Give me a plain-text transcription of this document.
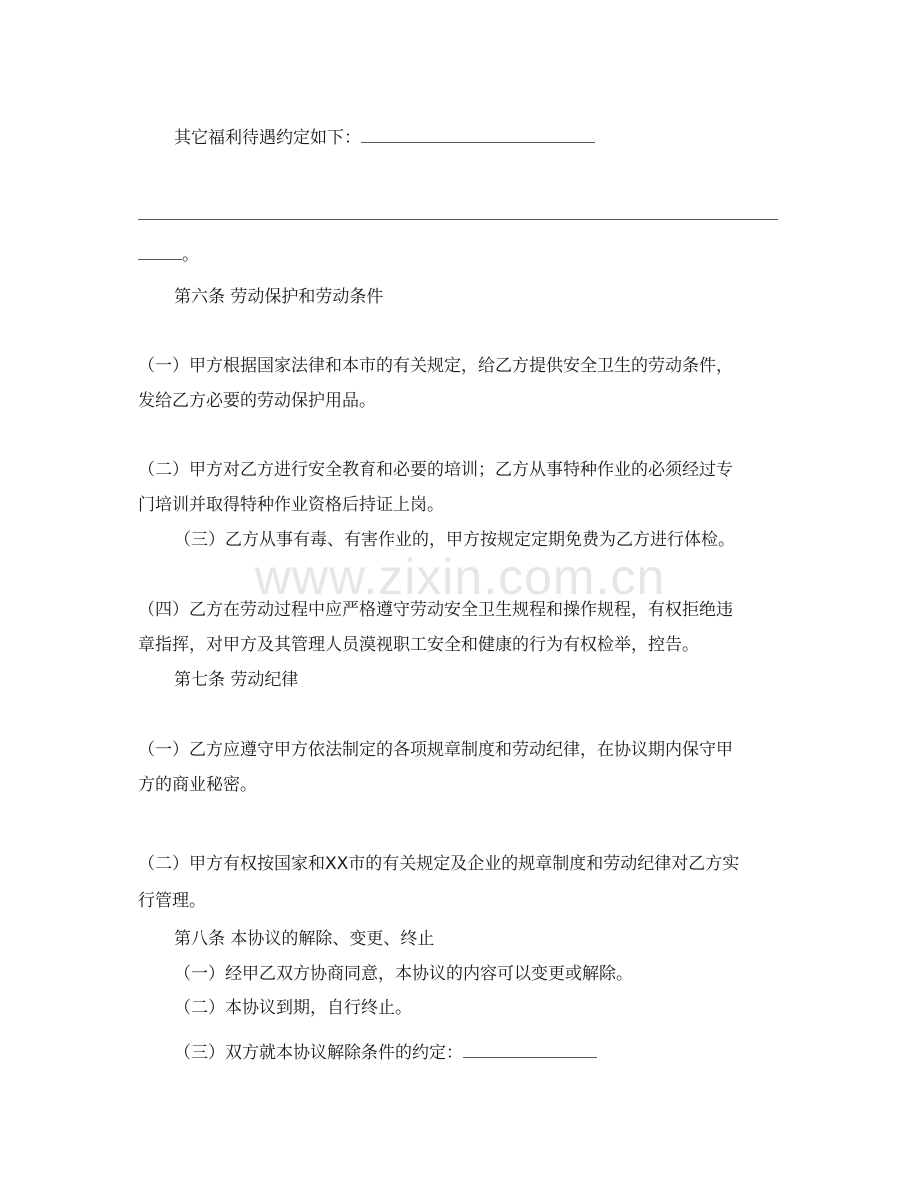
www.zixin.com.cn
其它福利待遇约定如下：
。
第六条 劳动保护和劳动条件
（一）甲方根据国家法律和本市的有关规定，给乙方提供安全卫生的劳动条件，
发给乙方必要的劳动保护用品。
（二）甲方对乙方进行安全教育和必要的培训；乙方从事特种作业的必须经过专
门培训并取得特种作业资格后持证上岗。
（三）乙方从事有毒、有害作业的，甲方按规定定期免费为乙方进行体检。
（四）乙方在劳动过程中应严格遵守劳动安全卫生规程和操作规程，有权拒绝违
章指挥，对甲方及其管理人员漠视职工安全和健康的行为有权检举，控告。
第七条 劳动纪律
（一）乙方应遵守甲方依法制定的各项规章制度和劳动纪律，在协议期内保守甲
方的商业秘密。
（二）甲方有权按国家和XX市的有关规定及企业的规章制度和劳动纪律对乙方实
行管理。
第八条 本协议的解除、变更、终止
（一）经甲乙双方协商同意，本协议的内容可以变更或解除。
（二）本协议到期，自行终止。
（三）双方就本协议解除条件的约定：
